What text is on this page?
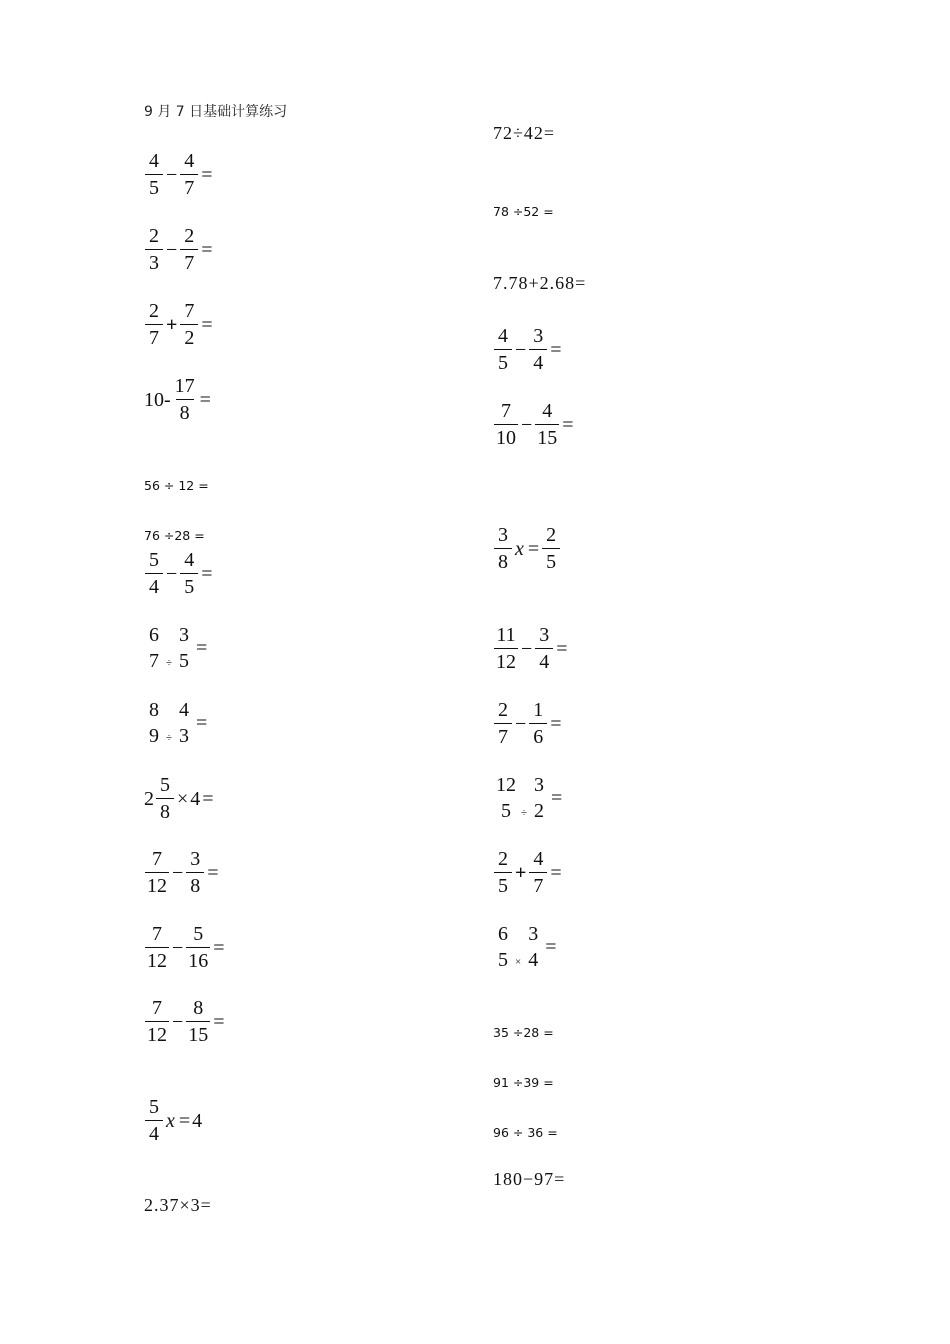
9 月 7 日基础计算练习
$\frac{4}{5} - \frac{4}{7}$ =
$\frac{2}{3} - \frac{2}{7}$ =
$\frac{2}{7} + \frac{7}{2}$ =
$10- \frac{17}{8}$ =
56 ÷ 12 =
76 ÷28 =
$\frac{5}{4} - \frac{4}{5}$ =
6
7 ÷
3
5
=
8
9 ÷
4
3
=
$2 \frac{5}{8} \times 4$ =
$\frac{7}{12} - \frac{3}{8}$ =
$\frac{7}{12} - \frac{5}{16}$ =
$\frac{7}{12} - \frac{8}{15}$ =
$\frac{5}{4}$ x = 4
2.37×3=
72÷42=
78 ÷52 =
7.78+2.68=
$\frac{4}{5} - \frac{3}{4}$ =
$\frac{7}{10} - \frac{4}{15}$ =
$\frac{3}{8}$ $x = \frac{2}{5}$
$\frac{11}{12} - \frac{3}{4}$ =
$\frac{2}{7} - \frac{1}{6}$ =
12
5 ÷
3
2
=
$\frac{2}{5} + \frac{4}{7}$ =
6
5 ×
3
4
=
35 ÷28 =
91 ÷39 =
96 ÷ 36 =
180−97=
